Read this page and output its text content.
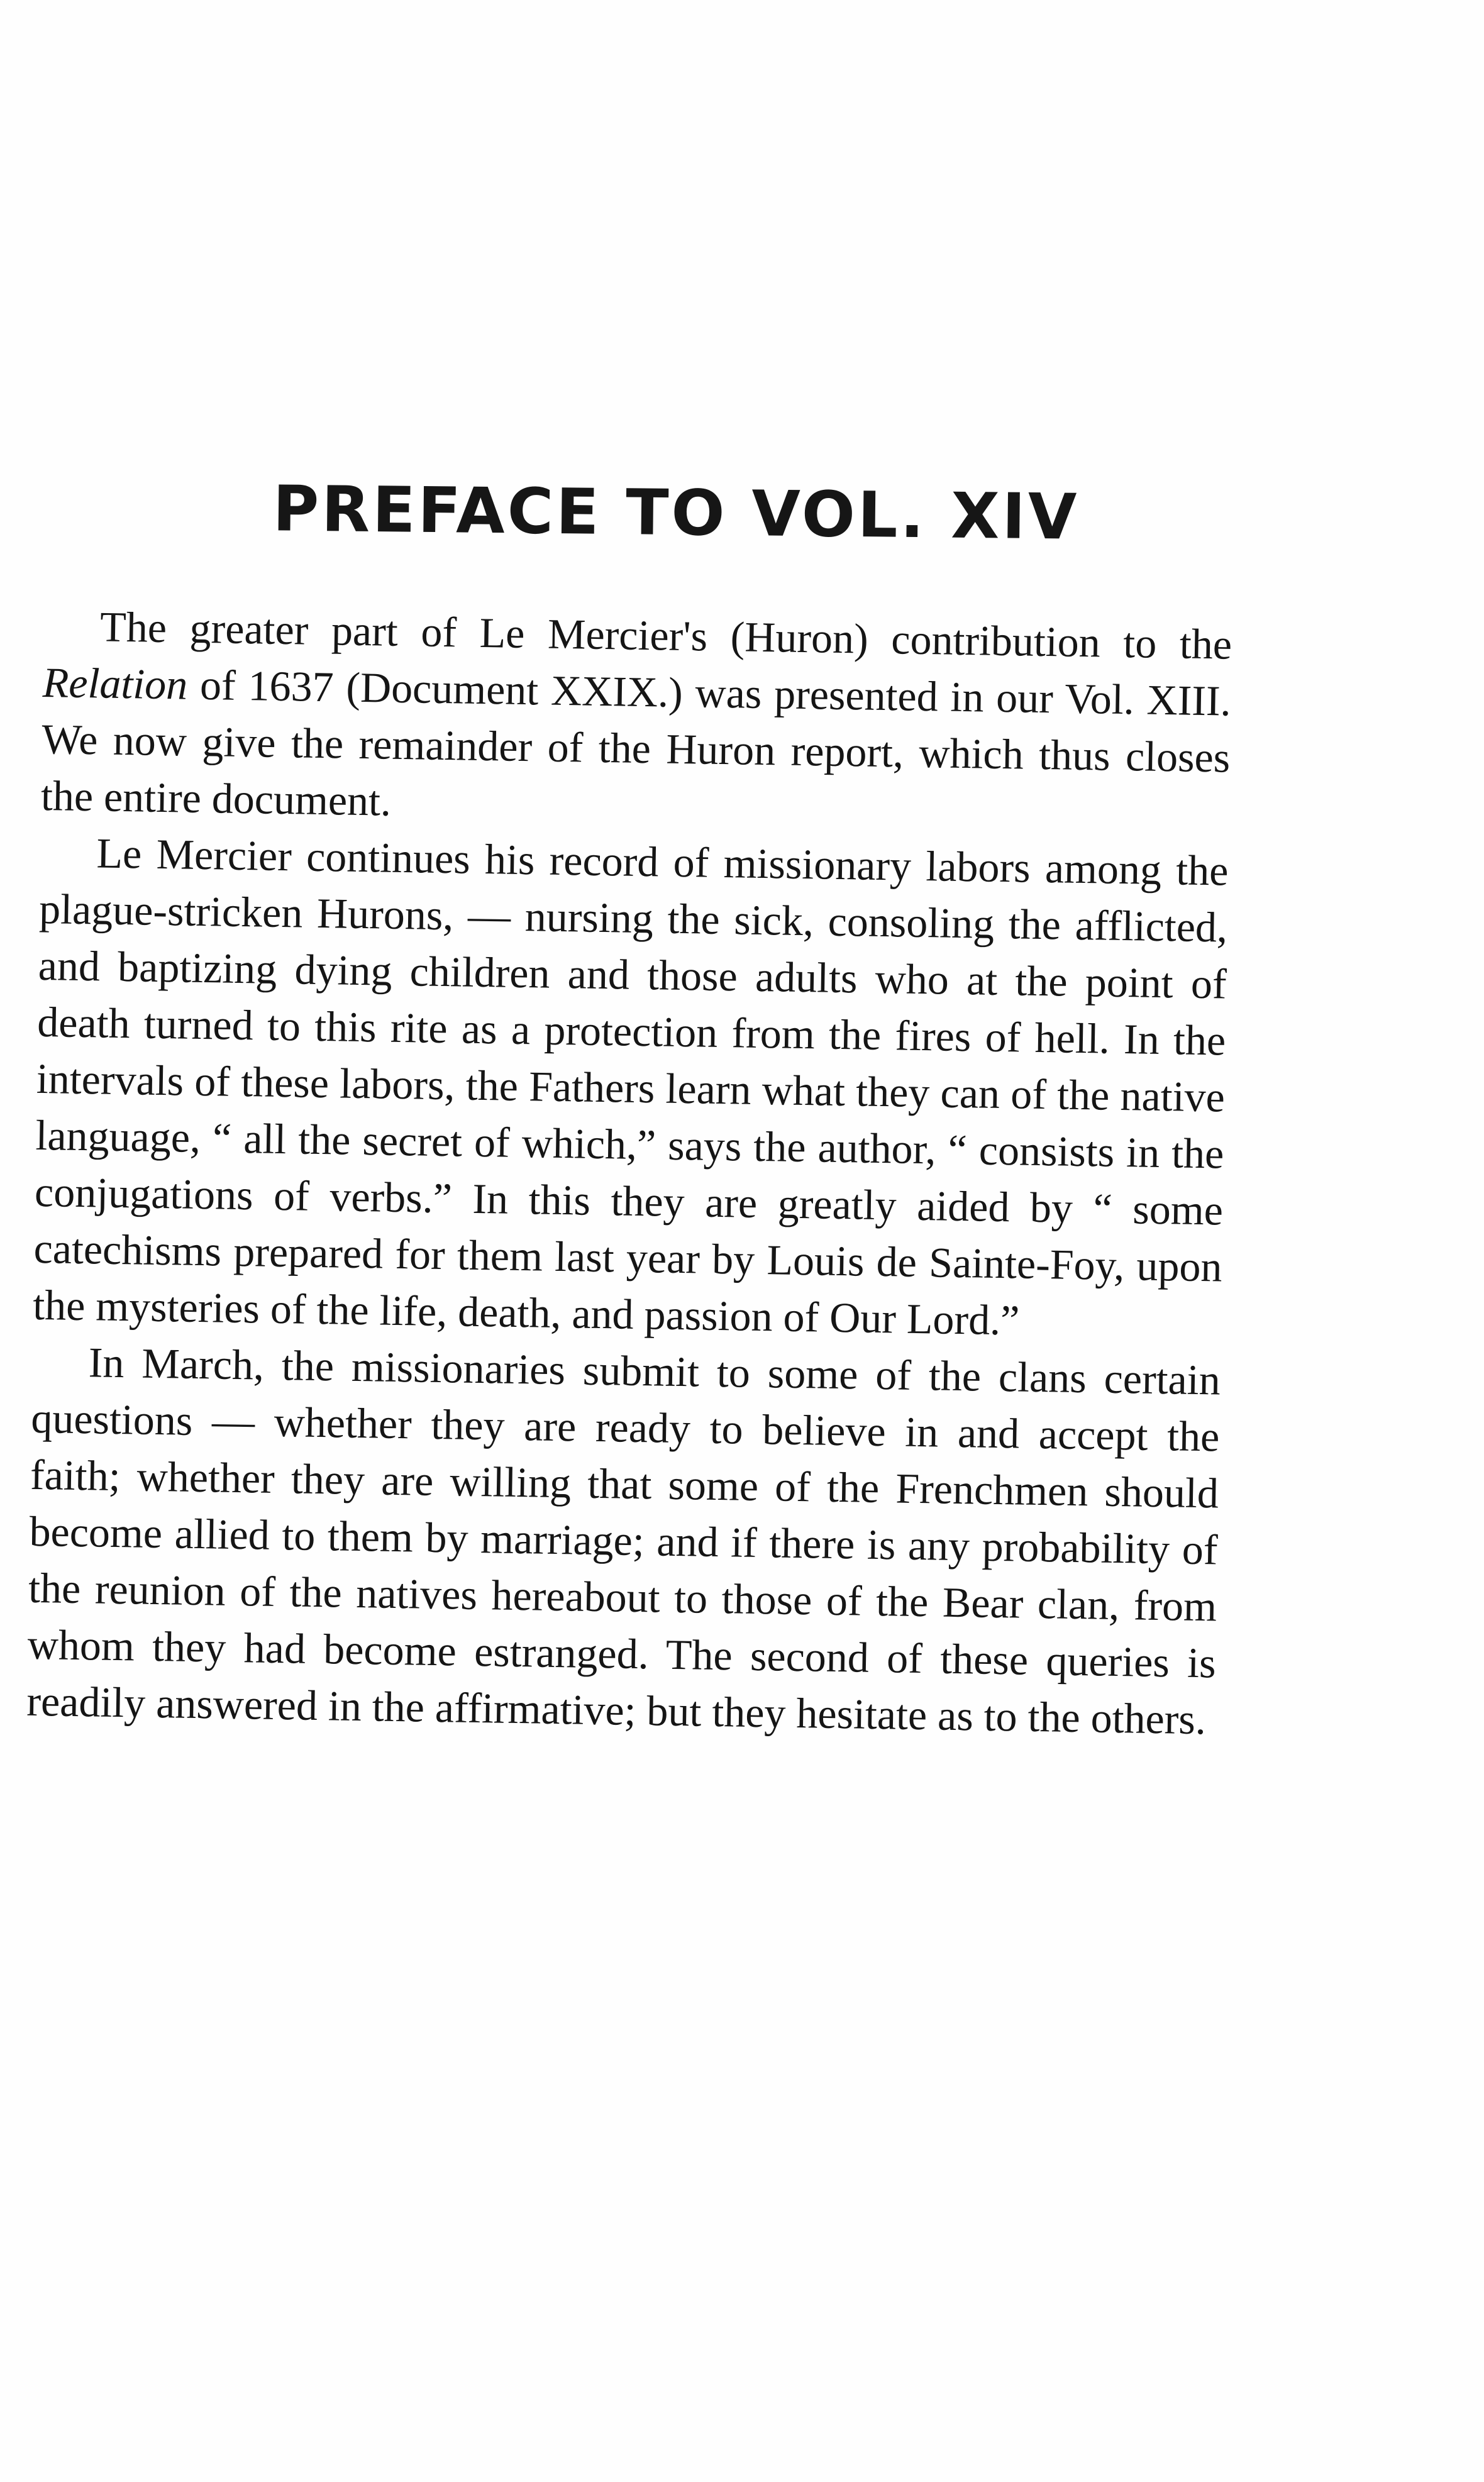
PREFACE TO VOL. XIV

The greater part of Le Mercier's (Huron) contribution to the Relation of 1637 (Document XXIX.) was presented in our Vol. XIII. We now give the remainder of the Huron report, which thus closes the entire document.

Le Mercier continues his record of missionary labors among the plague-stricken Hurons, — nursing the sick, consoling the afflicted, and baptizing dying children and those adults who at the point of death turned to this rite as a protection from the fires of hell. In the intervals of these labors, the Fathers learn what they can of the native language, “ all the secret of which,” says the author, “ consists in the conjugations of verbs.” In this they are greatly aided by “ some catechisms prepared for them last year by Louis de Sainte-Foy, upon the mysteries of the life, death, and passion of Our Lord.”

In March, the missionaries submit to some of the clans certain questions — whether they are ready to believe in and accept the faith; whether they are willing that some of the Frenchmen should become allied to them by marriage; and if there is any probability of the reunion of the natives hereabout to those of the Bear clan, from whom they had become estranged. The second of these queries is readily answered in the affirmative; but they hesitate as to the others.
